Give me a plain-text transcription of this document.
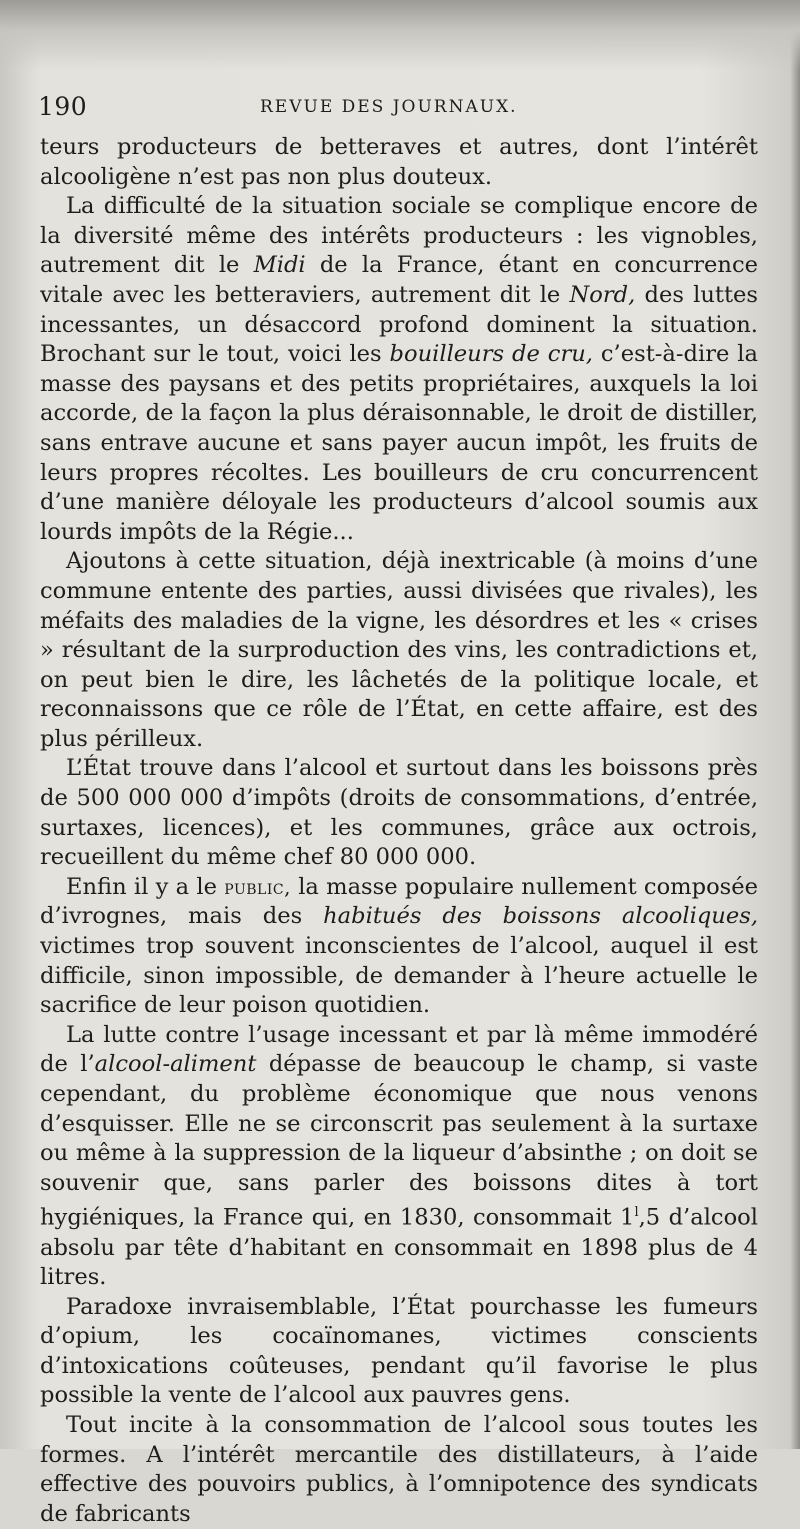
190	REVUE DES JOURNAUX.

teurs producteurs de betteraves et autres, dont l’intérêt alcooligène n’est pas non plus douteux.

La difficulté de la situation sociale se complique encore de la diversité même des intérêts producteurs : les vignobles, autrement dit le Midi de la France, étant en concurrence vitale avec les betteraviers, autrement dit le Nord, des luttes incessantes, un désaccord profond dominent la situation. Brochant sur le tout, voici les bouilleurs de cru, c’est-à-dire la masse des paysans et des petits propriétaires, auxquels la loi accorde, de la façon la plus déraisonnable, le droit de distiller, sans entrave aucune et sans payer aucun impôt, les fruits de leurs propres récoltes. Les bouilleurs de cru concurrencent d’une manière déloyale les producteurs d’alcool soumis aux lourds impôts de la Régie...

Ajoutons à cette situation, déjà inextricable (à moins d’une commune entente des parties, aussi divisées que rivales), les méfaits des maladies de la vigne, les désordres et les « crises » résultant de la surproduction des vins, les contradictions et, on peut bien le dire, les lâchetés de la politique locale, et reconnaissons que ce rôle de l’État, en cette affaire, est des plus périlleux.

L’État trouve dans l’alcool et surtout dans les boissons près de 500 000 000 d’impôts (droits de consommations, d’entrée, surtaxes, licences), et les communes, grâce aux octrois, recueillent du même chef 80 000 000.

Enfin il y a le public, la masse populaire nullement composée d’ivrognes, mais des habitués des boissons alcooliques, victimes trop souvent inconscientes de l’alcool, auquel il est difficile, sinon impossible, de demander à l’heure actuelle le sacrifice de leur poison quotidien.

La lutte contre l’usage incessant et par là même immodéré de l’alcool-aliment dépasse de beaucoup le champ, si vaste cependant, du problème économique que nous venons d’esquisser. Elle ne se circonscrit pas seulement à la surtaxe ou même à la suppression de la liqueur d’absinthe ; on doit se souvenir que, sans parler des boissons dites à tort hygiéniques, la France qui, en 1830, consommait 1$^l$,5 d’alcool absolu par tête d’habitant en consommait en 1898 plus de 4 litres.

Paradoxe invraisemblable, l’État pourchasse les fumeurs d’opium, les cocaïnomanes, victimes conscients d’intoxications coûteuses, pendant qu’il favorise le plus possible la vente de l’alcool aux pauvres gens.

Tout incite à la consommation de l’alcool sous toutes les formes. A l’intérêt mercantile des distillateurs, à l’aide effective des pouvoirs publics, à l’omnipotence des syndicats de fabricants
